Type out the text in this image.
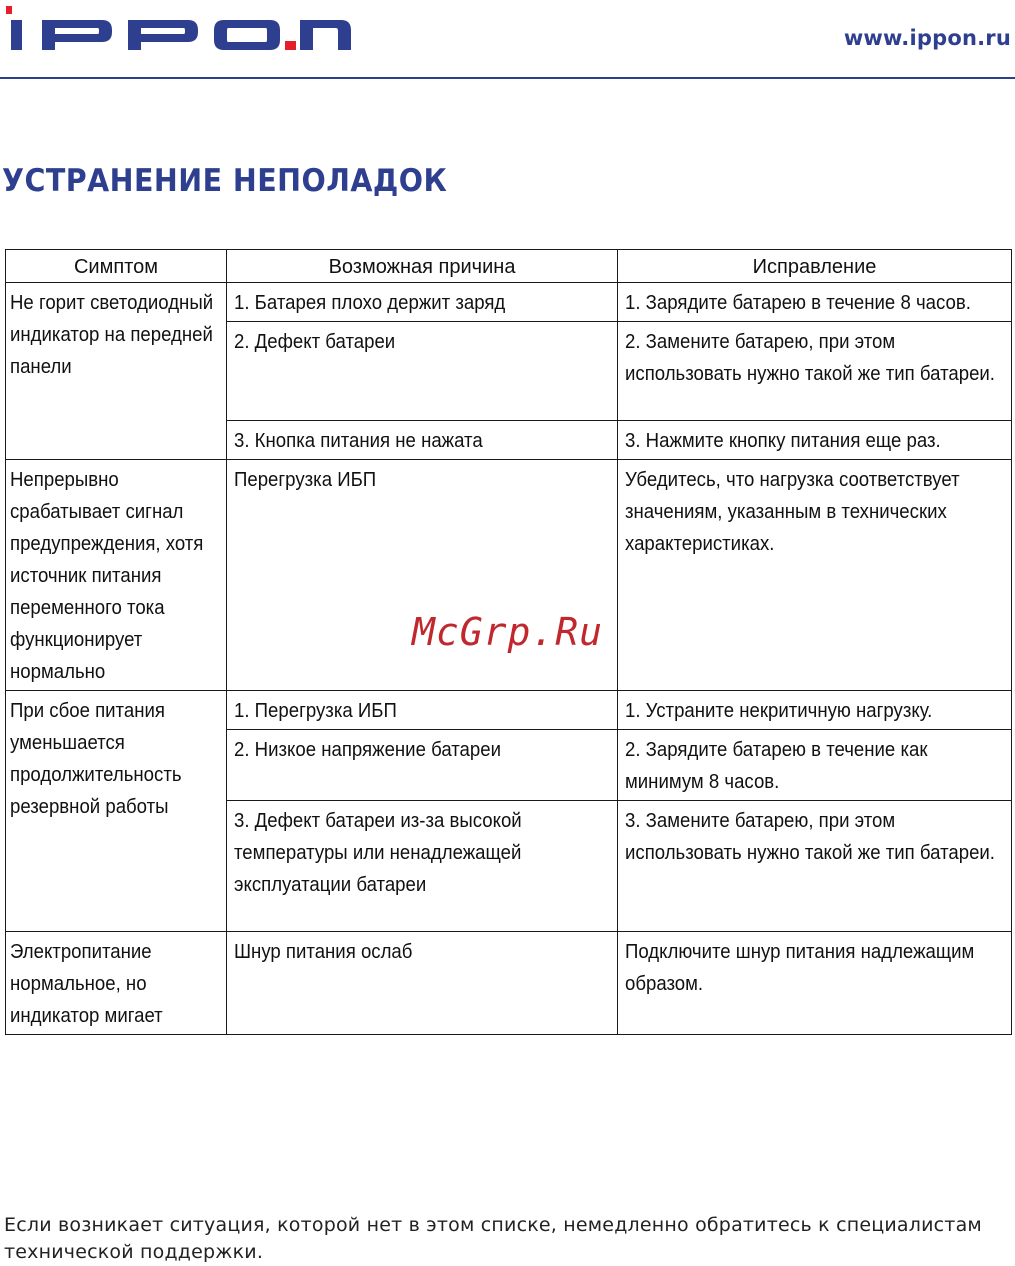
www.ippon.ru
УСТРАНЕНИЕ НЕПОЛАДОК
Симптом	Возможная причина	Исправление
Не горит светодиодный индикатор на передней панели	1. Батарея плохо держит заряд	1. Зарядите батарею в течение 8 часов.
	2. Дефект батареи	2. Замените батарею, при этом использовать нужно такой же тип батареи.
	3. Кнопка питания не нажата	3. Нажмите кнопку питания еще раз.
Непрерывно срабатывает сигнал предупреждения, хотя источник питания переменного тока функционирует нормально	Перегрузка ИБП	Убедитесь, что нагрузка соответствует значениям, указанным в технических характеристиках.
При сбое питания уменьшается продолжительность резервной работы	1. Перегрузка ИБП	1. Устраните некритичную нагрузку.
	2. Низкое напряжение батареи	2. Зарядите батарею в течение как минимум 8 часов.
	3. Дефект батареи из-за высокой температуры или ненадлежащей эксплуатации батареи	3. Замените батарею, при этом использовать нужно такой же тип батареи.
Электропитание нормальное, но индикатор мигает	Шнур питания ослаб	Подключите шнур питания надлежащим образом.
McGrp.Ru

Если возникает ситуация, которой нет в этом списке, немедленно обратитесь к специалистам технической поддержки.
